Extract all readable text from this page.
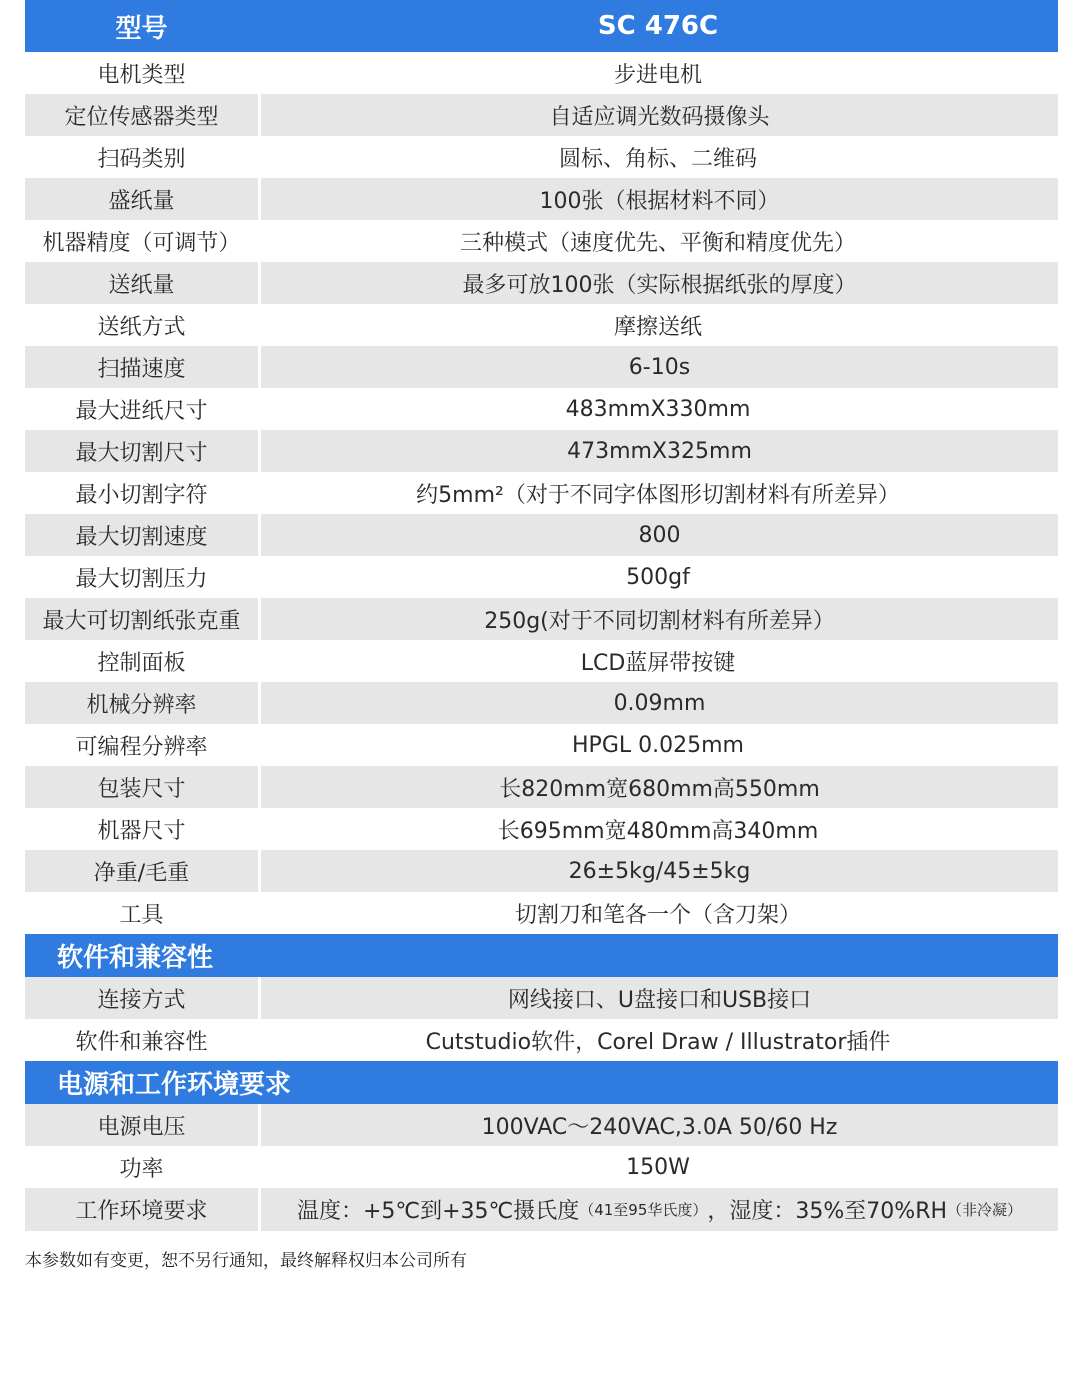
型号	SC 476C
电机类型	步进电机
定位传感器类型	自适应调光数码摄像头
扫码类别	圆标、角标、二维码
盛纸量	100张（根据材料不同）
机器精度（可调节）	三种模式（速度优先、平衡和精度优先）
送纸量	最多可放100张（实际根据纸张的厚度）
送纸方式	摩擦送纸
扫描速度	6-10s
最大进纸尺寸	483mmX330mm
最大切割尺寸	473mmX325mm
最小切割字符	约5mm²（对于不同字体图形切割材料有所差异）
最大切割速度	800
最大切割压力	500gf
最大可切割纸张克重	250g(对于不同切割材料有所差异）
控制面板	LCD蓝屏带按键
机械分辨率	0.09mm
可编程分辨率	HPGL 0.025mm
包装尺寸	长820mm宽680mm高550mm
机器尺寸	长695mm宽480mm高340mm
净重/毛重	26±5kg/45±5kg
工具	切割刀和笔各一个（含刀架）
软件和兼容性
连接方式	网线接口、U盘接口和USB接口
软件和兼容性	Cutstudio软件，Corel Draw / Illustrator插件
电源和工作环境要求
电源电压	100VAC～240VAC,3.0A 50/60 Hz
功率	150W
工作环境要求	温度：+5℃到+35℃摄氏度 （41至95华氏度） ，湿度：35%至70%RH （非冷凝）
本参数如有变更，恕不另行通知，最终解释权归本公司所有
